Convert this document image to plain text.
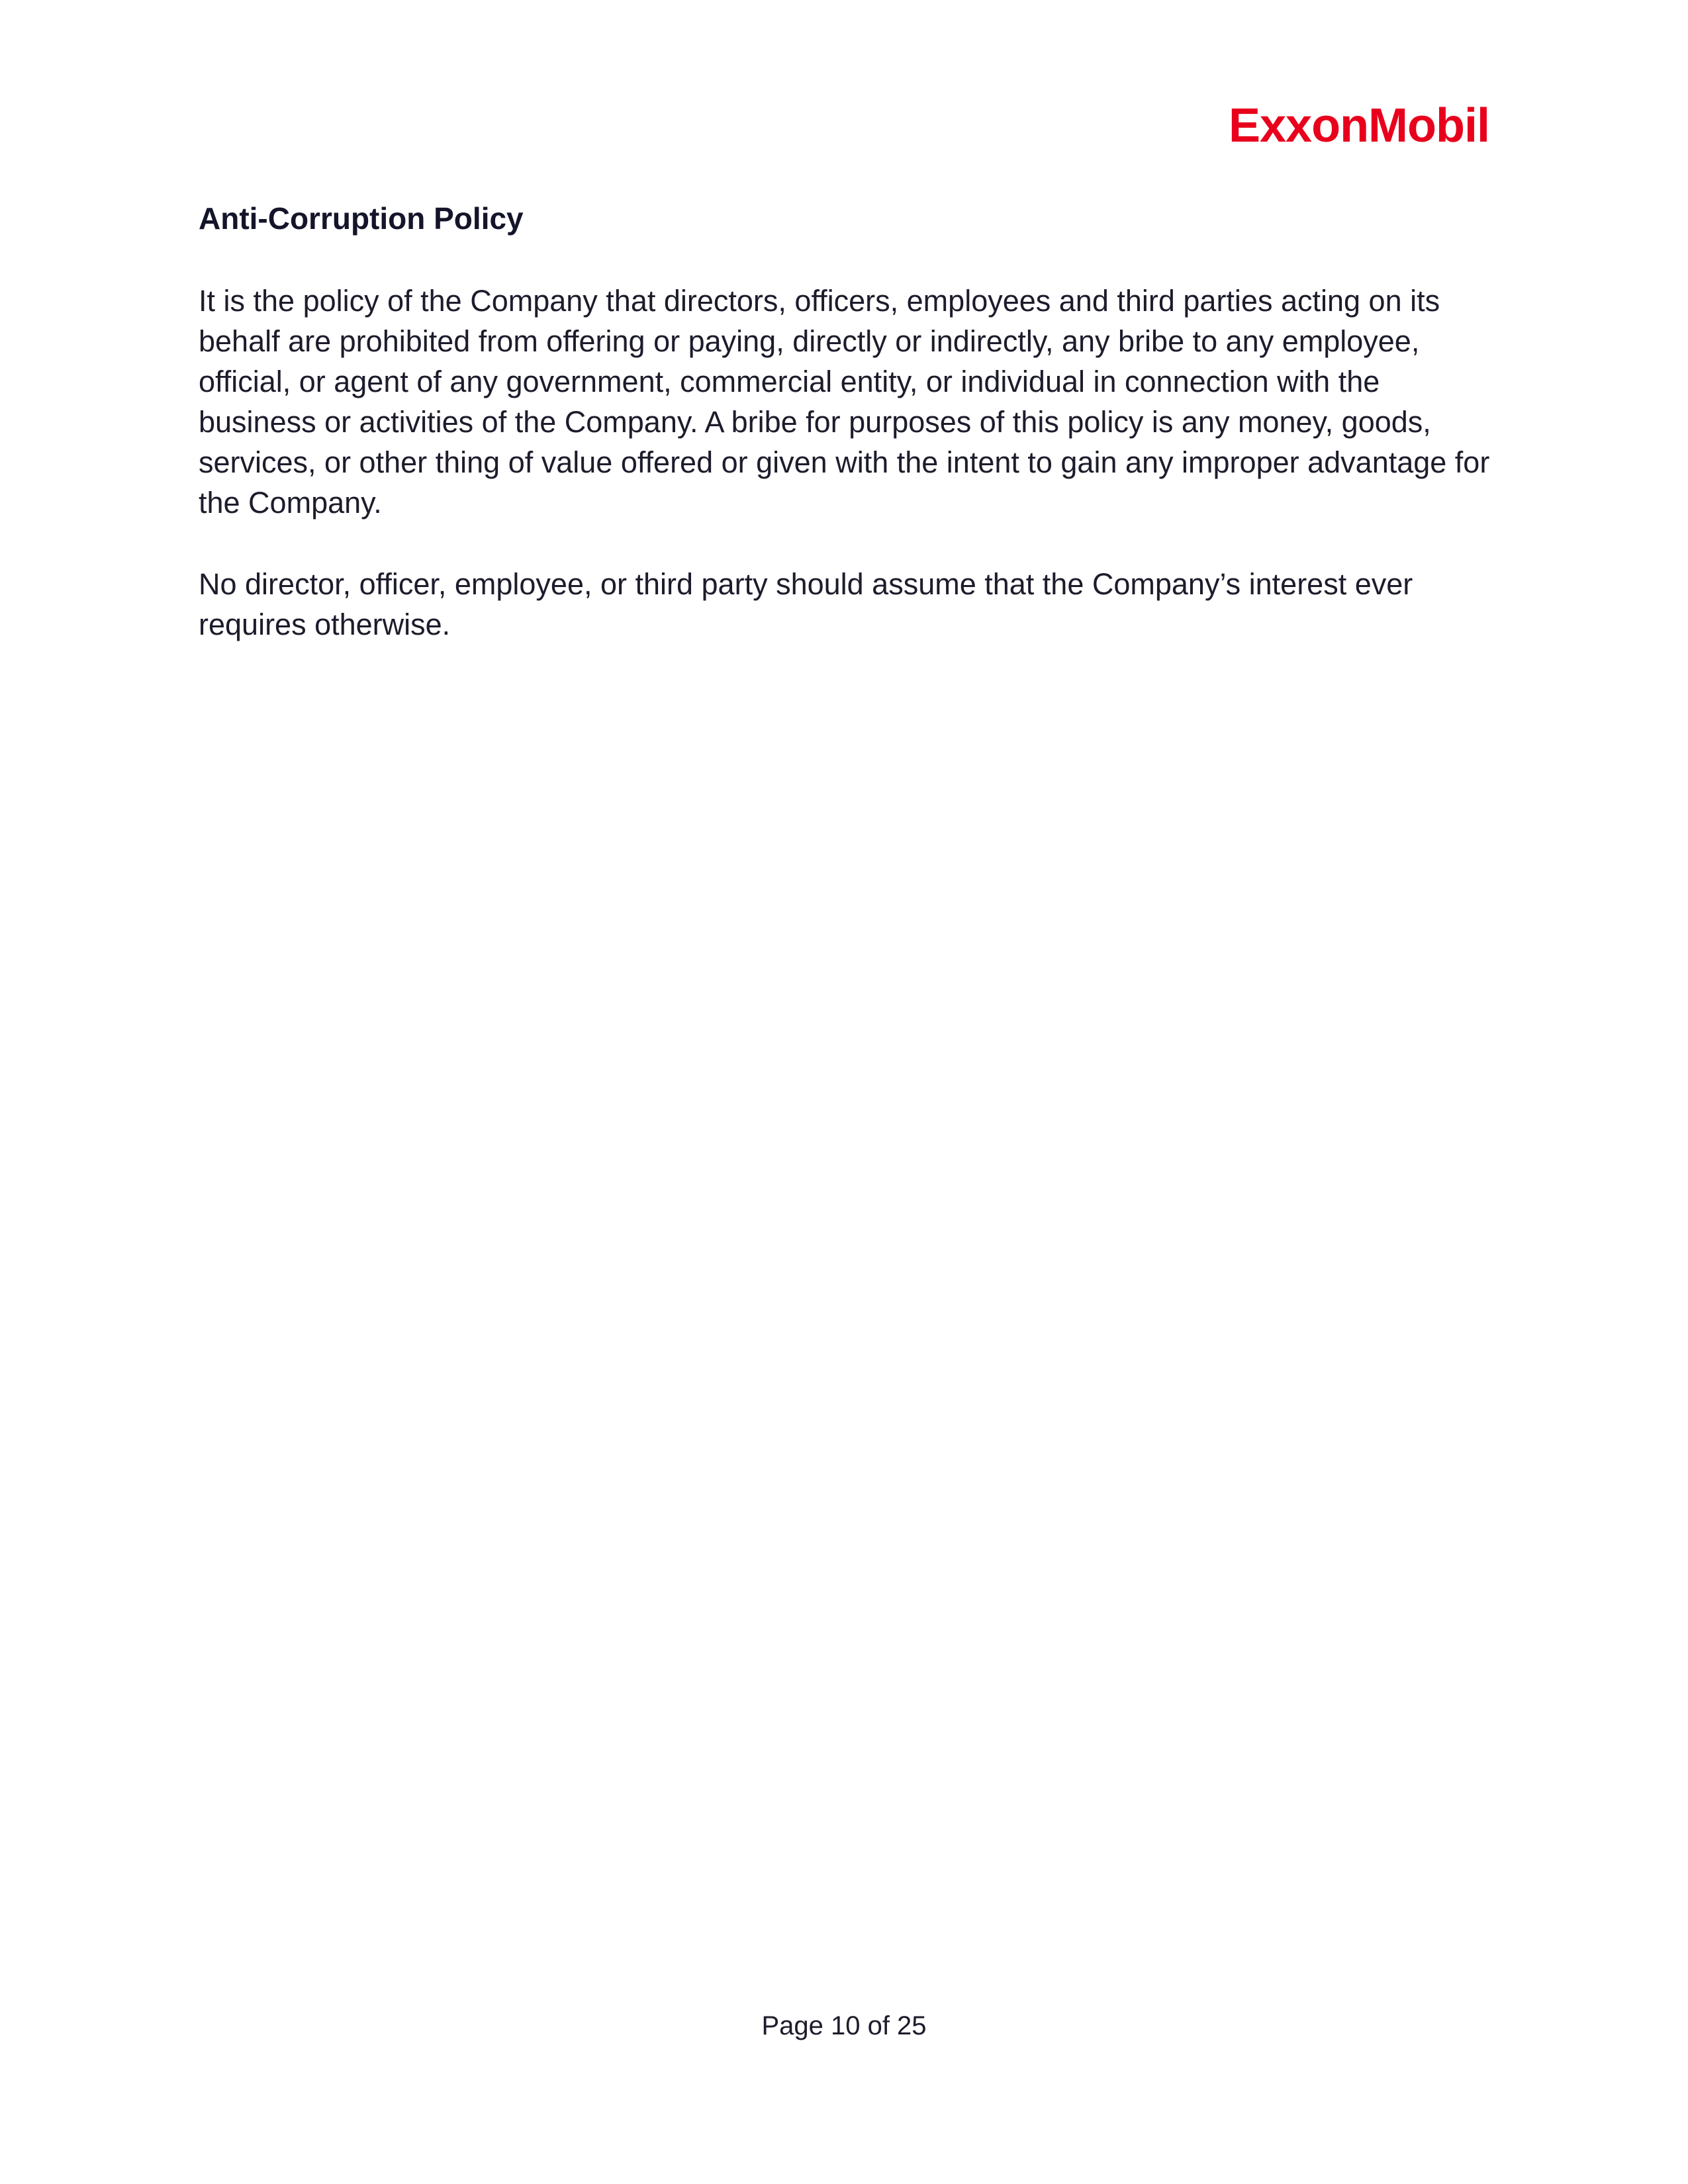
ExxonMobil
Anti-Corruption Policy

It is the policy of the Company that directors, officers, employees and third parties acting on its behalf are prohibited from offering or paying, directly or indirectly, any bribe to any employee, official, or agent of any government, commercial entity, or individual in connection with the business or activities of the Company. A bribe for purposes of this policy is any money, goods, services, or other thing of value offered or given with the intent to gain any improper advantage for the Company.

No director, officer, employee, or third party should assume that the Company’s interest ever requires otherwise.

Page 10 of 25
